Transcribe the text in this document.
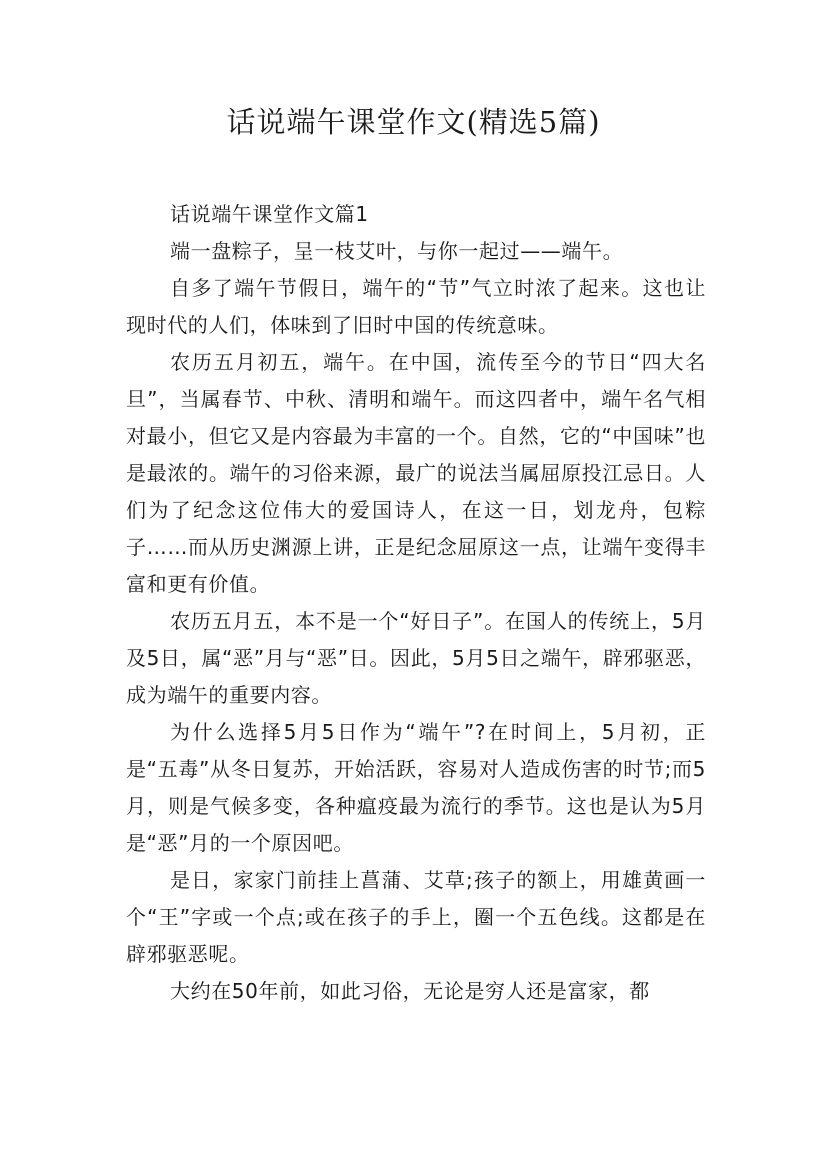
话说端午课堂作文(精选5篇)
话说端午课堂作文篇1

端一盘粽子，呈一枝艾叶，与你一起过——端午。

自多了端午节假日，端午的“节”气立时浓了起来。这也让现时代的人们，体味到了旧时中国的传统意味。

农历五月初五，端午。在中国，流传至今的节日“四大名旦”，当属春节、中秋、清明和端午。而这四者中，端午名气相对最小，但它又是内容最为丰富的一个。自然，它的“中国味”也是最浓的。端午的习俗来源，最广的说法当属屈原投江忌日。人们为了纪念这位伟大的爱国诗人，在这一日，划龙舟，包粽子……而从历史渊源上讲，正是纪念屈原这一点，让端午变得丰富和更有价值。

农历五月五，本不是一个“好日子”。在国人的传统上，5月及5日，属“恶”月与“恶”日。因此，5月5日之端午，辟邪驱恶，成为端午的重要内容。

为什么选择5月5日作为“端午”?在时间上，5月初，正是“五毒”从冬日复苏，开始活跃，容易对人造成伤害的时节;而5月，则是气候多变，各种瘟疫最为流行的季节。这也是认为5月是“恶”月的一个原因吧。

是日，家家门前挂上菖蒲、艾草;孩子的额上，用雄黄画一个“王”字或一个点;或在孩子的手上，圈一个五色线。这都是在辟邪驱恶呢。

大约在50年前，如此习俗，无论是穷人还是富家，都
